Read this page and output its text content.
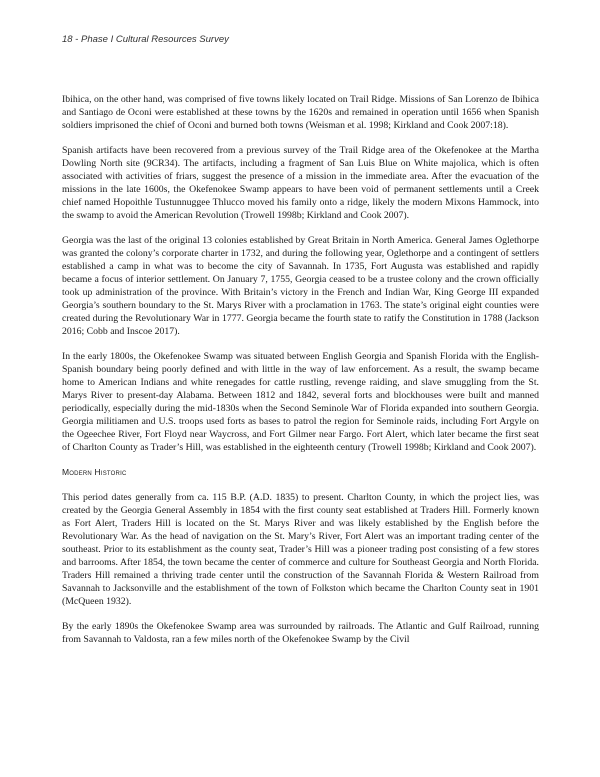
18 - Phase I Cultural Resources Survey

Ibihica, on the other hand, was comprised of five towns likely located on Trail Ridge. Missions of San Lorenzo de Ibihica and Santiago de Oconi were established at these towns by the 1620s and remained in operation until 1656 when Spanish soldiers imprisoned the chief of Oconi and burned both towns (Weisman et al. 1998; Kirkland and Cook 2007:18).

Spanish artifacts have been recovered from a previous survey of the Trail Ridge area of the Okefenokee at the Martha Dowling North site (9CR34). The artifacts, including a fragment of San Luis Blue on White majolica, which is often associated with activities of friars, suggest the presence of a mission in the immediate area. After the evacuation of the missions in the late 1600s, the Okefenokee Swamp appears to have been void of permanent settlements until a Creek chief named Hopoithle Tustunnuggee Thlucco moved his family onto a ridge, likely the modern Mixons Hammock, into the swamp to avoid the American Revolution (Trowell 1998b; Kirkland and Cook 2007).

Georgia was the last of the original 13 colonies established by Great Britain in North America. General James Oglethorpe was granted the colony’s corporate charter in 1732, and during the following year, Oglethorpe and a contingent of settlers established a camp in what was to become the city of Savannah. In 1735, Fort Augusta was established and rapidly became a focus of interior settlement. On January 7, 1755, Georgia ceased to be a trustee colony and the crown officially took up administration of the province. With Britain’s victory in the French and Indian War, King George III expanded Georgia’s southern boundary to the St. Marys River with a proclamation in 1763. The state’s original eight counties were created during the Revolutionary War in 1777. Georgia became the fourth state to ratify the Constitution in 1788 (Jackson 2016; Cobb and Inscoe 2017).

In the early 1800s, the Okefenokee Swamp was situated between English Georgia and Spanish Florida with the English-Spanish boundary being poorly defined and with little in the way of law enforcement. As a result, the swamp became home to American Indians and white renegades for cattle rustling, revenge raiding, and slave smuggling from the St. Marys River to present-day Alabama. Between 1812 and 1842, several forts and blockhouses were built and manned periodically, especially during the mid-1830s when the Second Seminole War of Florida expanded into southern Georgia. Georgia militiamen and U.S. troops used forts as bases to patrol the region for Seminole raids, including Fort Argyle on the Ogeechee River, Fort Floyd near Waycross, and Fort Gilmer near Fargo. Fort Alert, which later became the first seat of Charlton County as Trader’s Hill, was established in the eighteenth century (Trowell 1998b; Kirkland and Cook 2007).

Modern Historic

This period dates generally from ca. 115 B.P. (A.D. 1835) to present. Charlton County, in which the project lies, was created by the Georgia General Assembly in 1854 with the first county seat established at Traders Hill. Formerly known as Fort Alert, Traders Hill is located on the St. Marys River and was likely established by the English before the Revolutionary War. As the head of navigation on the St. Mary’s River, Fort Alert was an important trading center of the southeast. Prior to its establishment as the county seat, Trader’s Hill was a pioneer trading post consisting of a few stores and barrooms. After 1854, the town became the center of commerce and culture for Southeast Georgia and North Florida. Traders Hill remained a thriving trade center until the construction of the Savannah Florida & Western Railroad from Savannah to Jacksonville and the establishment of the town of Folkston which became the Charlton County seat in 1901 (McQueen 1932).

By the early 1890s the Okefenokee Swamp area was surrounded by railroads. The Atlantic and Gulf Railroad, running from Savannah to Valdosta, ran a few miles north of the Okefenokee Swamp by the Civil
